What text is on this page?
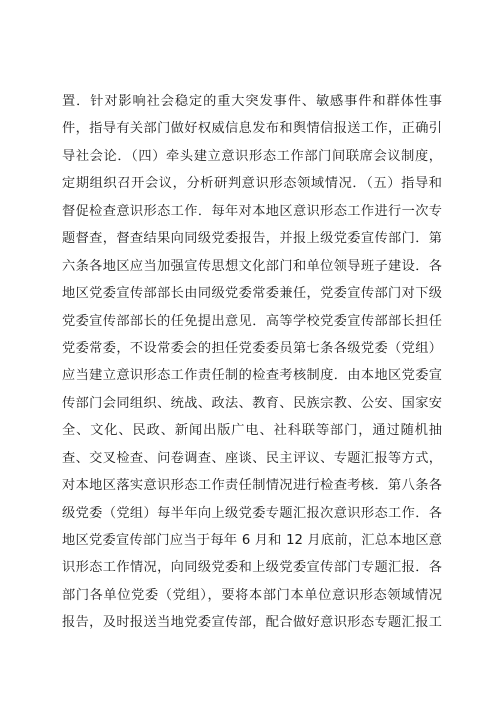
置．针对影响社会稳定的重大突发事件、敏感事件和群体性事
件，指导有关部门做好权威信息发布和舆情信报送工作，正确引
导社会论．（四）牵头建立意识形态工作部门间联席会议制度，
定期组织召开会议，分析研判意识形态领域情况．（五）指导和
督促检查意识形态工作．每年对本地区意识形态工作进行一次专
题督查，督查结果向同级党委报告，并报上级党委宣传部门．第
六条各地区应当加强宣传思想文化部门和单位领导班子建设．各
地区党委宣传部部长由同级党委常委兼任，党委宣传部门对下级
党委宣传部部长的任免提出意见．高等学校党委宣传部部长担任
党委常委，不设常委会的担任党委委员第七条各级党委（党组）
应当建立意识形态工作责任制的检查考核制度．由本地区党委宣
传部门会同组织、统战、政法、教育、民族宗教、公安、国家安
全、文化、民政、新闻出版广电、社科联等部门，通过随机抽
查、交叉检查、问卷调查、座谈、民主评议、专题汇报等方式，
对本地区落实意识形态工作责任制情况进行检查考核．第八条各
级党委（党组）每半年向上级党委专题汇报次意识形态工作．各
地区党委宣传部门应当于每年 6 月和 12 月底前，汇总本地区意
识形态工作情况，向同级党委和上级党委宣传部门专题汇报．各
部门各单位党委（党组），要将本部门本单位意识形态领域情况
报告，及时报送当地党委宣传部，配合做好意识形态专题汇报工
